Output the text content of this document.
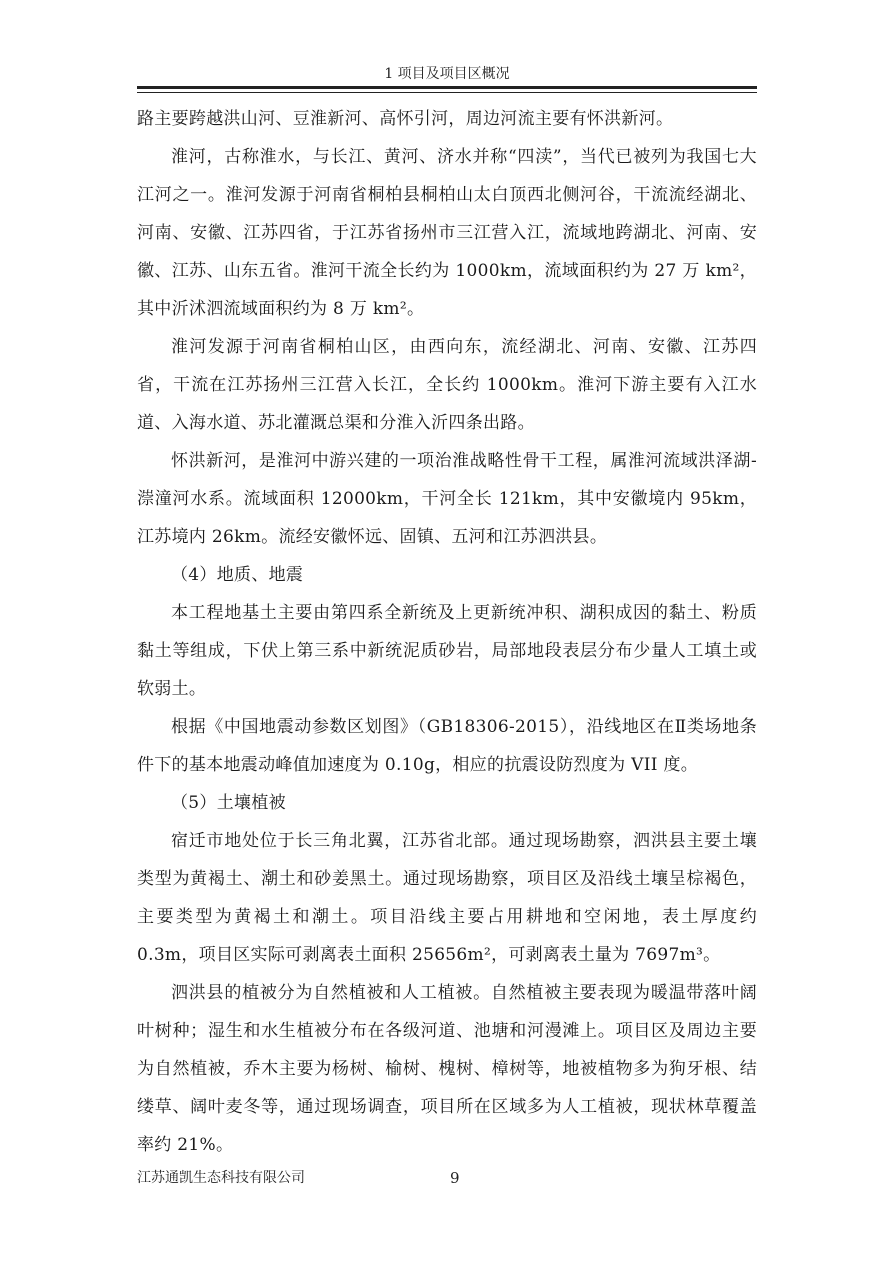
1 项目及项目区概况

路主要跨越洪山河、豆淮新河、高怀引河，周边河流主要有怀洪新河。

淮河，古称淮水，与长江、黄河、济水并称“四渎”，当代已被列为我国七大江河之一。淮河发源于河南省桐柏县桐柏山太白顶西北侧河谷，干流流经湖北、河南、安徽、江苏四省，于江苏省扬州市三江营入江，流域地跨湖北、河南、安徽、江苏、山东五省。淮河干流全长约为 1000km，流域面积约为 27 万 km²，其中沂沭泗流域面积约为 8 万 km²。

淮河发源于河南省桐柏山区，由西向东，流经湖北、河南、安徽、江苏四省，干流在江苏扬州三江营入长江，全长约 1000km。淮河下游主要有入江水道、入海水道、苏北灌溉总渠和分淮入沂四条出路。

怀洪新河，是淮河中游兴建的一项治淮战略性骨干工程，属淮河流域洪泽湖-漴潼河水系。流域面积 12000km，干河全长 121km，其中安徽境内 95km，江苏境内 26km。流经安徽怀远、固镇、五河和江苏泗洪县。

（4）地质、地震

本工程地基土主要由第四系全新统及上更新统冲积、湖积成因的黏土、粉质黏土等组成，下伏上第三系中新统泥质砂岩，局部地段表层分布少量人工填土或软弱土。

根据《中国地震动参数区划图》（GB18306-2015），沿线地区在Ⅱ类场地条件下的基本地震动峰值加速度为 0.10g，相应的抗震设防烈度为 VII 度。

（5）土壤植被

宿迁市地处位于长三角北翼，江苏省北部。通过现场勘察，泗洪县主要土壤类型为黄褐土、潮土和砂姜黑土。通过现场勘察，项目区及沿线土壤呈棕褐色，主要类型为黄褐土和潮土。项目沿线主要占用耕地和空闲地，表土厚度约 0.3m，项目区实际可剥离表土面积 25656m²，可剥离表土量为 7697m³。

泗洪县的植被分为自然植被和人工植被。自然植被主要表现为暖温带落叶阔叶树种；湿生和水生植被分布在各级河道、池塘和河漫滩上。项目区及周边主要为自然植被，乔木主要为杨树、榆树、槐树、樟树等，地被植物多为狗牙根、结缕草、阔叶麦冬等，通过现场调查，项目所在区域多为人工植被，现状林草覆盖率约 21%。

江苏通凯生态科技有限公司	9
